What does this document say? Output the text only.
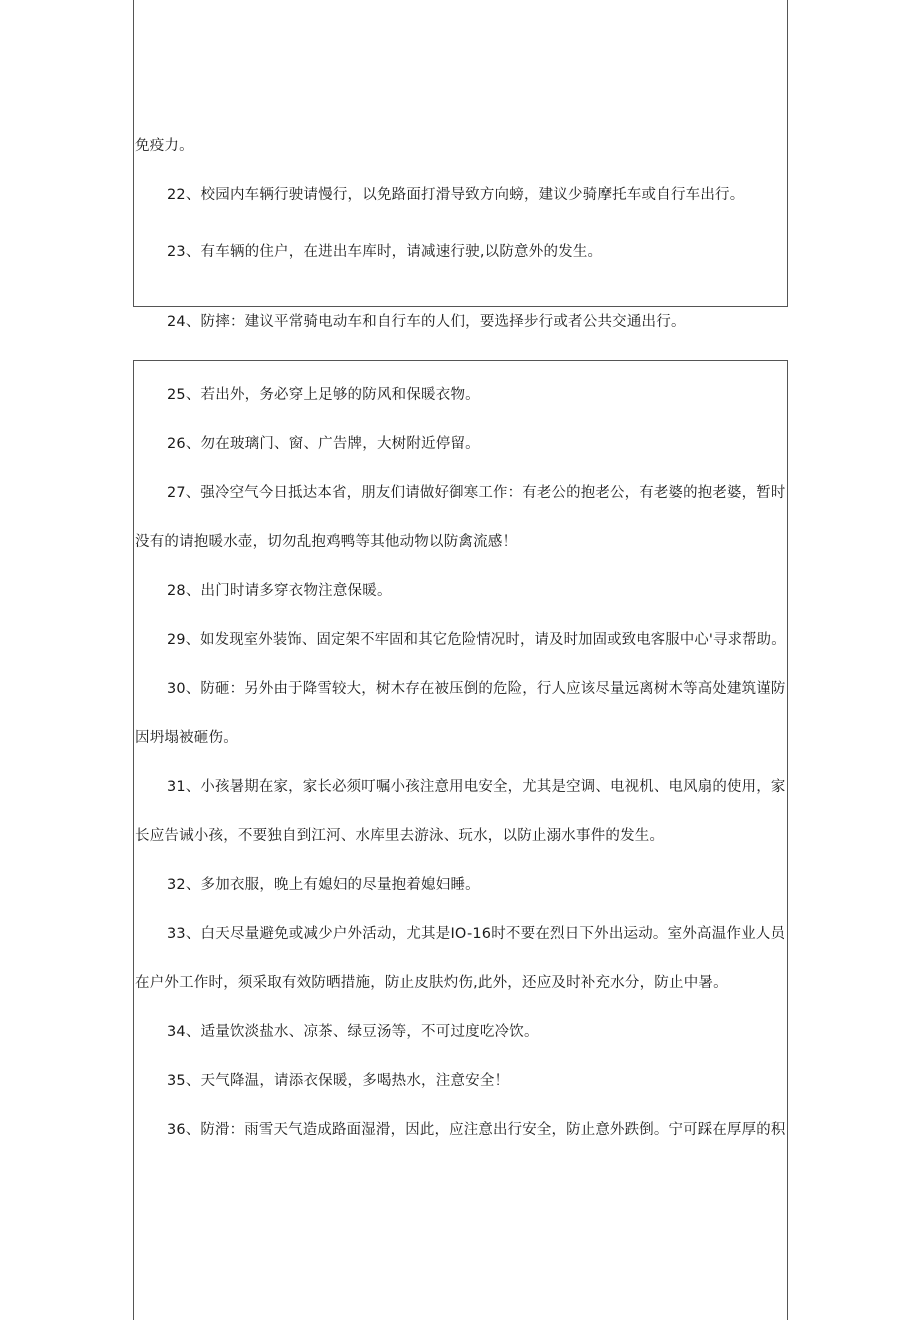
免疫力。
22、校园内车辆行驶请慢行，以免路面打滑导致方向螃，建议少骑摩托车或自行车出行。
23、有车辆的住户，在进出车库时，请减速行驶,以防意外的发生。
24、防摔：建议平常骑电动车和自行车的人们，要选择步行或者公共交通出行。
25、若出外，务必穿上足够的防风和保暖衣物。
26、勿在玻璃门、窗、广告牌，大树附近停留。
27、强冷空气今日抵达本省，朋友们请做好御寒工作：有老公的抱老公，有老婆的抱老婆，暂时
没有的请抱暖水壶，切勿乱抱鸡鸭等其他动物以防禽流感！
28、出门时请多穿衣物注意保暖。
29、如发现室外装饰、固定架不牢固和其它危险情况时，请及时加固或致电客服中心'寻求帮助。
30、防砸：另外由于降雪较大，树木存在被压倒的危险，行人应该尽量远离树木等高处建筑谨防
因坍塌被砸伤。
31、小孩暑期在家，家长必须叮嘱小孩注意用电安全，尤其是空调、电视机、电风扇的使用，家
长应告诫小孩，不要独自到江河、水库里去游泳、玩水，以防止溺水事件的发生。
32、多加衣服，晚上有媳妇的尽量抱着媳妇睡。
33、白天尽量避免或减少户外活动，尤其是IO-16时不要在烈日下外出运动。室外高温作业人员
在户外工作时，须采取有效防晒措施，防止皮肤灼伤,此外，还应及时补充水分，防止中暑。
34、适量饮淡盐水、凉茶、绿豆汤等，不可过度吃冷饮。
35、天气降温，请添衣保暖，多喝热水，注意安全！
36、防滑：雨雪天气造成路面湿滑，因此，应注意出行安全，防止意外跌倒。宁可踩在厚厚的积
